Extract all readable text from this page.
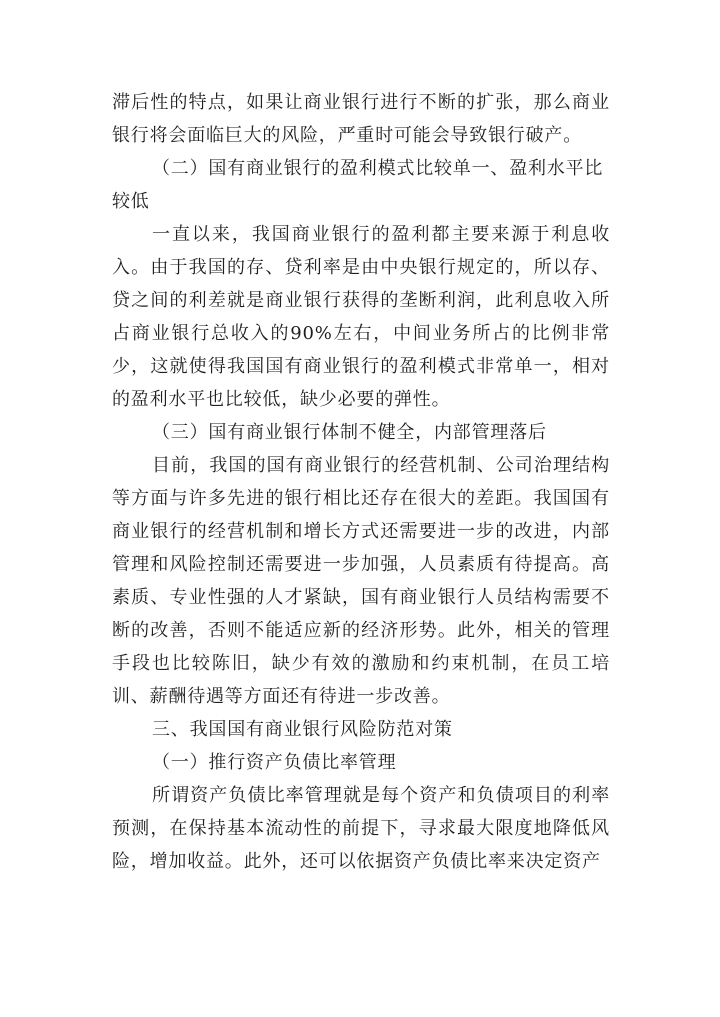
滞后性的特点，如果让商业银行进行不断的扩张，那么商业银行将会面临巨大的风险，严重时可能会导致银行破产。

（二）国有商业银行的盈利模式比较单一、盈利水平比较低

一直以来，我国商业银行的盈利都主要来源于利息收入。由于我国的存、贷利率是由中央银行规定的，所以存、贷之间的利差就是商业银行获得的垄断利润，此利息收入所占商业银行总收入的90%左右，中间业务所占的比例非常少，这就使得我国国有商业银行的盈利模式非常单一，相对的盈利水平也比较低，缺少必要的弹性。

（三）国有商业银行体制不健全，内部管理落后

目前，我国的国有商业银行的经营机制、公司治理结构等方面与许多先进的银行相比还存在很大的差距。我国国有商业银行的经营机制和增长方式还需要进一步的改进，内部管理和风险控制还需要进一步加强，人员素质有待提高。高素质、专业性强的人才紧缺，国有商业银行人员结构需要不断的改善，否则不能适应新的经济形势。此外，相关的管理手段也比较陈旧，缺少有效的激励和约束机制，在员工培训、薪酬待遇等方面还有待进一步改善。

三、我国国有商业银行风险防范对策

（一）推行资产负债比率管理

所谓资产负债比率管理就是每个资产和负债项目的利率预测，在保持基本流动性的前提下，寻求最大限度地降低风险，增加收益。此外，还可以依据资产负债比率来决定资产
